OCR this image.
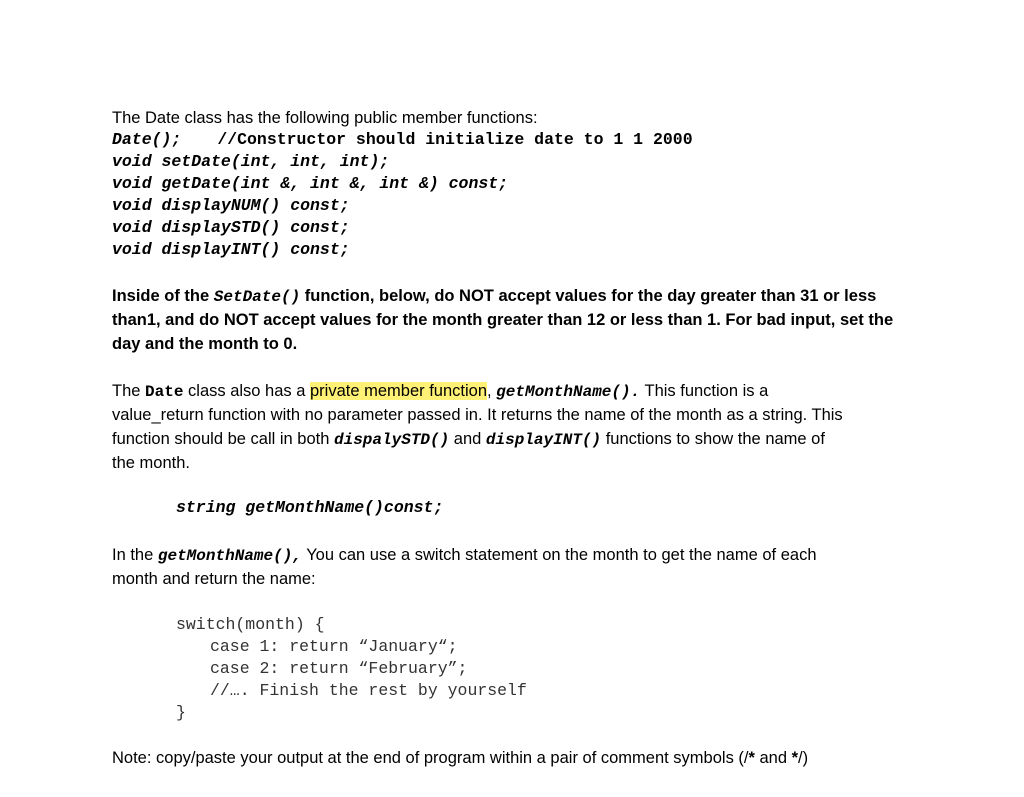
The Date class has the following public member functions:
Date(); //Constructor should initialize date to 1 1 2000
void setDate(int, int, int);
void getDate(int &, int &, int &) const;
void displayNUM() const;
void displaySTD() const;
void displayINT() const;
Inside of the SetDate() function, below, do NOT accept values for the day greater than 31 or less
than1, and do NOT accept values for the month greater than 12 or less than 1. For bad input, set the
day and the month to 0.
The Date class also has a private member function, getMonthName(). This function is a
value_return function with no parameter passed in. It returns the name of the month as a string. This
function should be call in both dispalySTD() and displayINT() functions to show the name of
the month.
string getMonthName()const;
In the getMonthName(), You can use a switch statement on the month to get the name of each
month and return the name:
switch(month) {
case 1: return “January“;
case 2: return “February”;
//…. Finish the rest by yourself
}
Note: copy/paste your output at the end of program within a pair of comment symbols (/* and */)
